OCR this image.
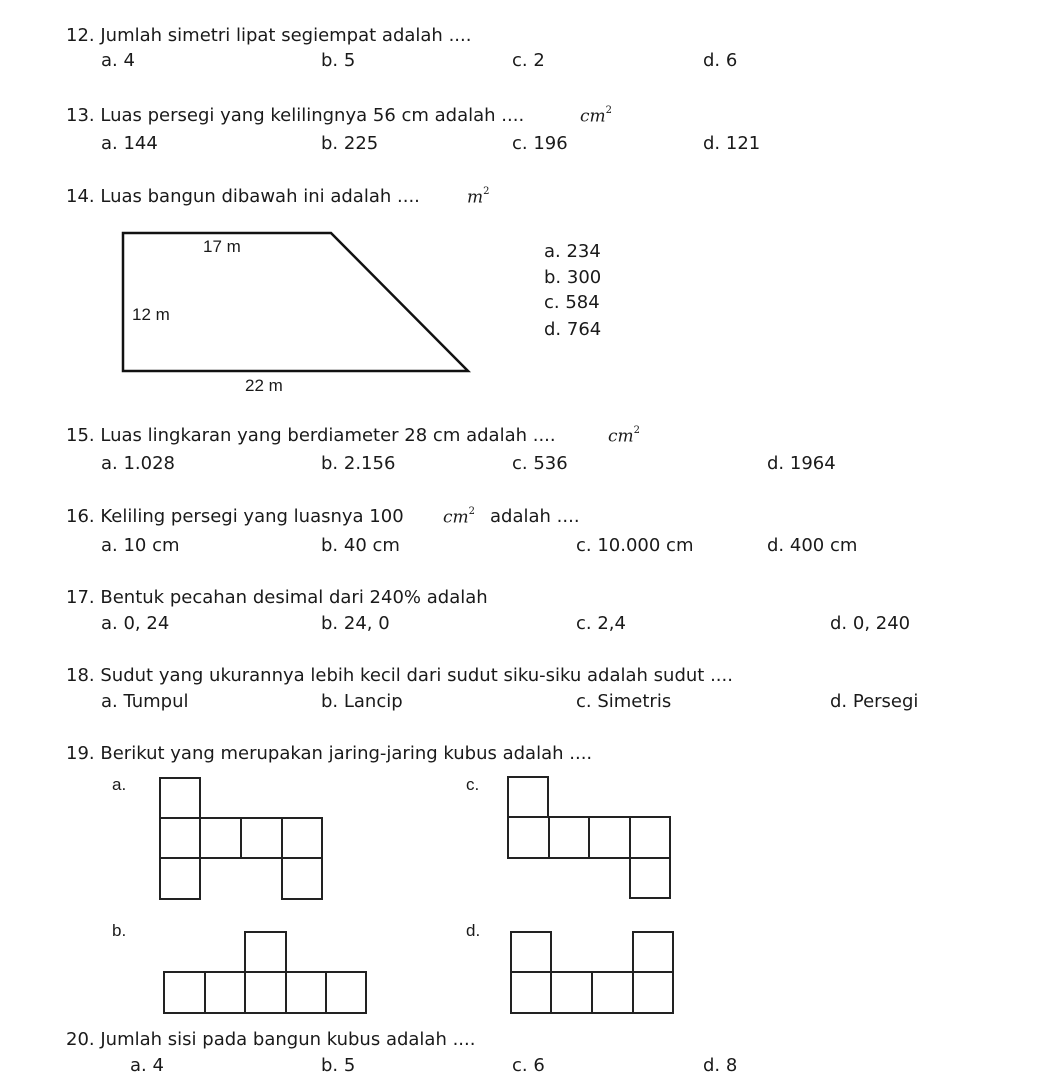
12. Jumlah simetri lipat segiempat adalah ....
a. 4	b. 5	c. 2	d. 6
13. Luas persegi yang kelilingnya 56 cm adalah ....	$cm^2$
a. 144	b. 225	c. 196	d. 121
14. Luas bangun dibawah ini adalah ....	$m^2$
17 m
12 m
22 m
a. 234
b. 300
c. 584
d. 764
15. Luas lingkaran yang berdiameter 28 cm adalah ....	$cm^2$
a. 1.028	b. 2.156	c. 536	d. 1964
16. Keliling persegi yang luasnya 100 $cm^2$ adalah ....
a. 10 cm	b. 40 cm	c. 10.000 cm	d. 400 cm
17. Bentuk pecahan desimal dari 240% adalah
a. 0, 24	b. 24, 0	c. 2,4	d. 0, 240
18. Sudut yang ukurannya lebih kecil dari sudut siku-siku adalah sudut ....
a. Tumpul	b. Lancip	c. Simetris	d. Persegi
19. Berikut yang merupakan jaring-jaring kubus adalah ....
a.	c.
b.	d.
20. Jumlah sisi pada bangun kubus adalah ....
a. 4	b. 5	c. 6	d. 8
